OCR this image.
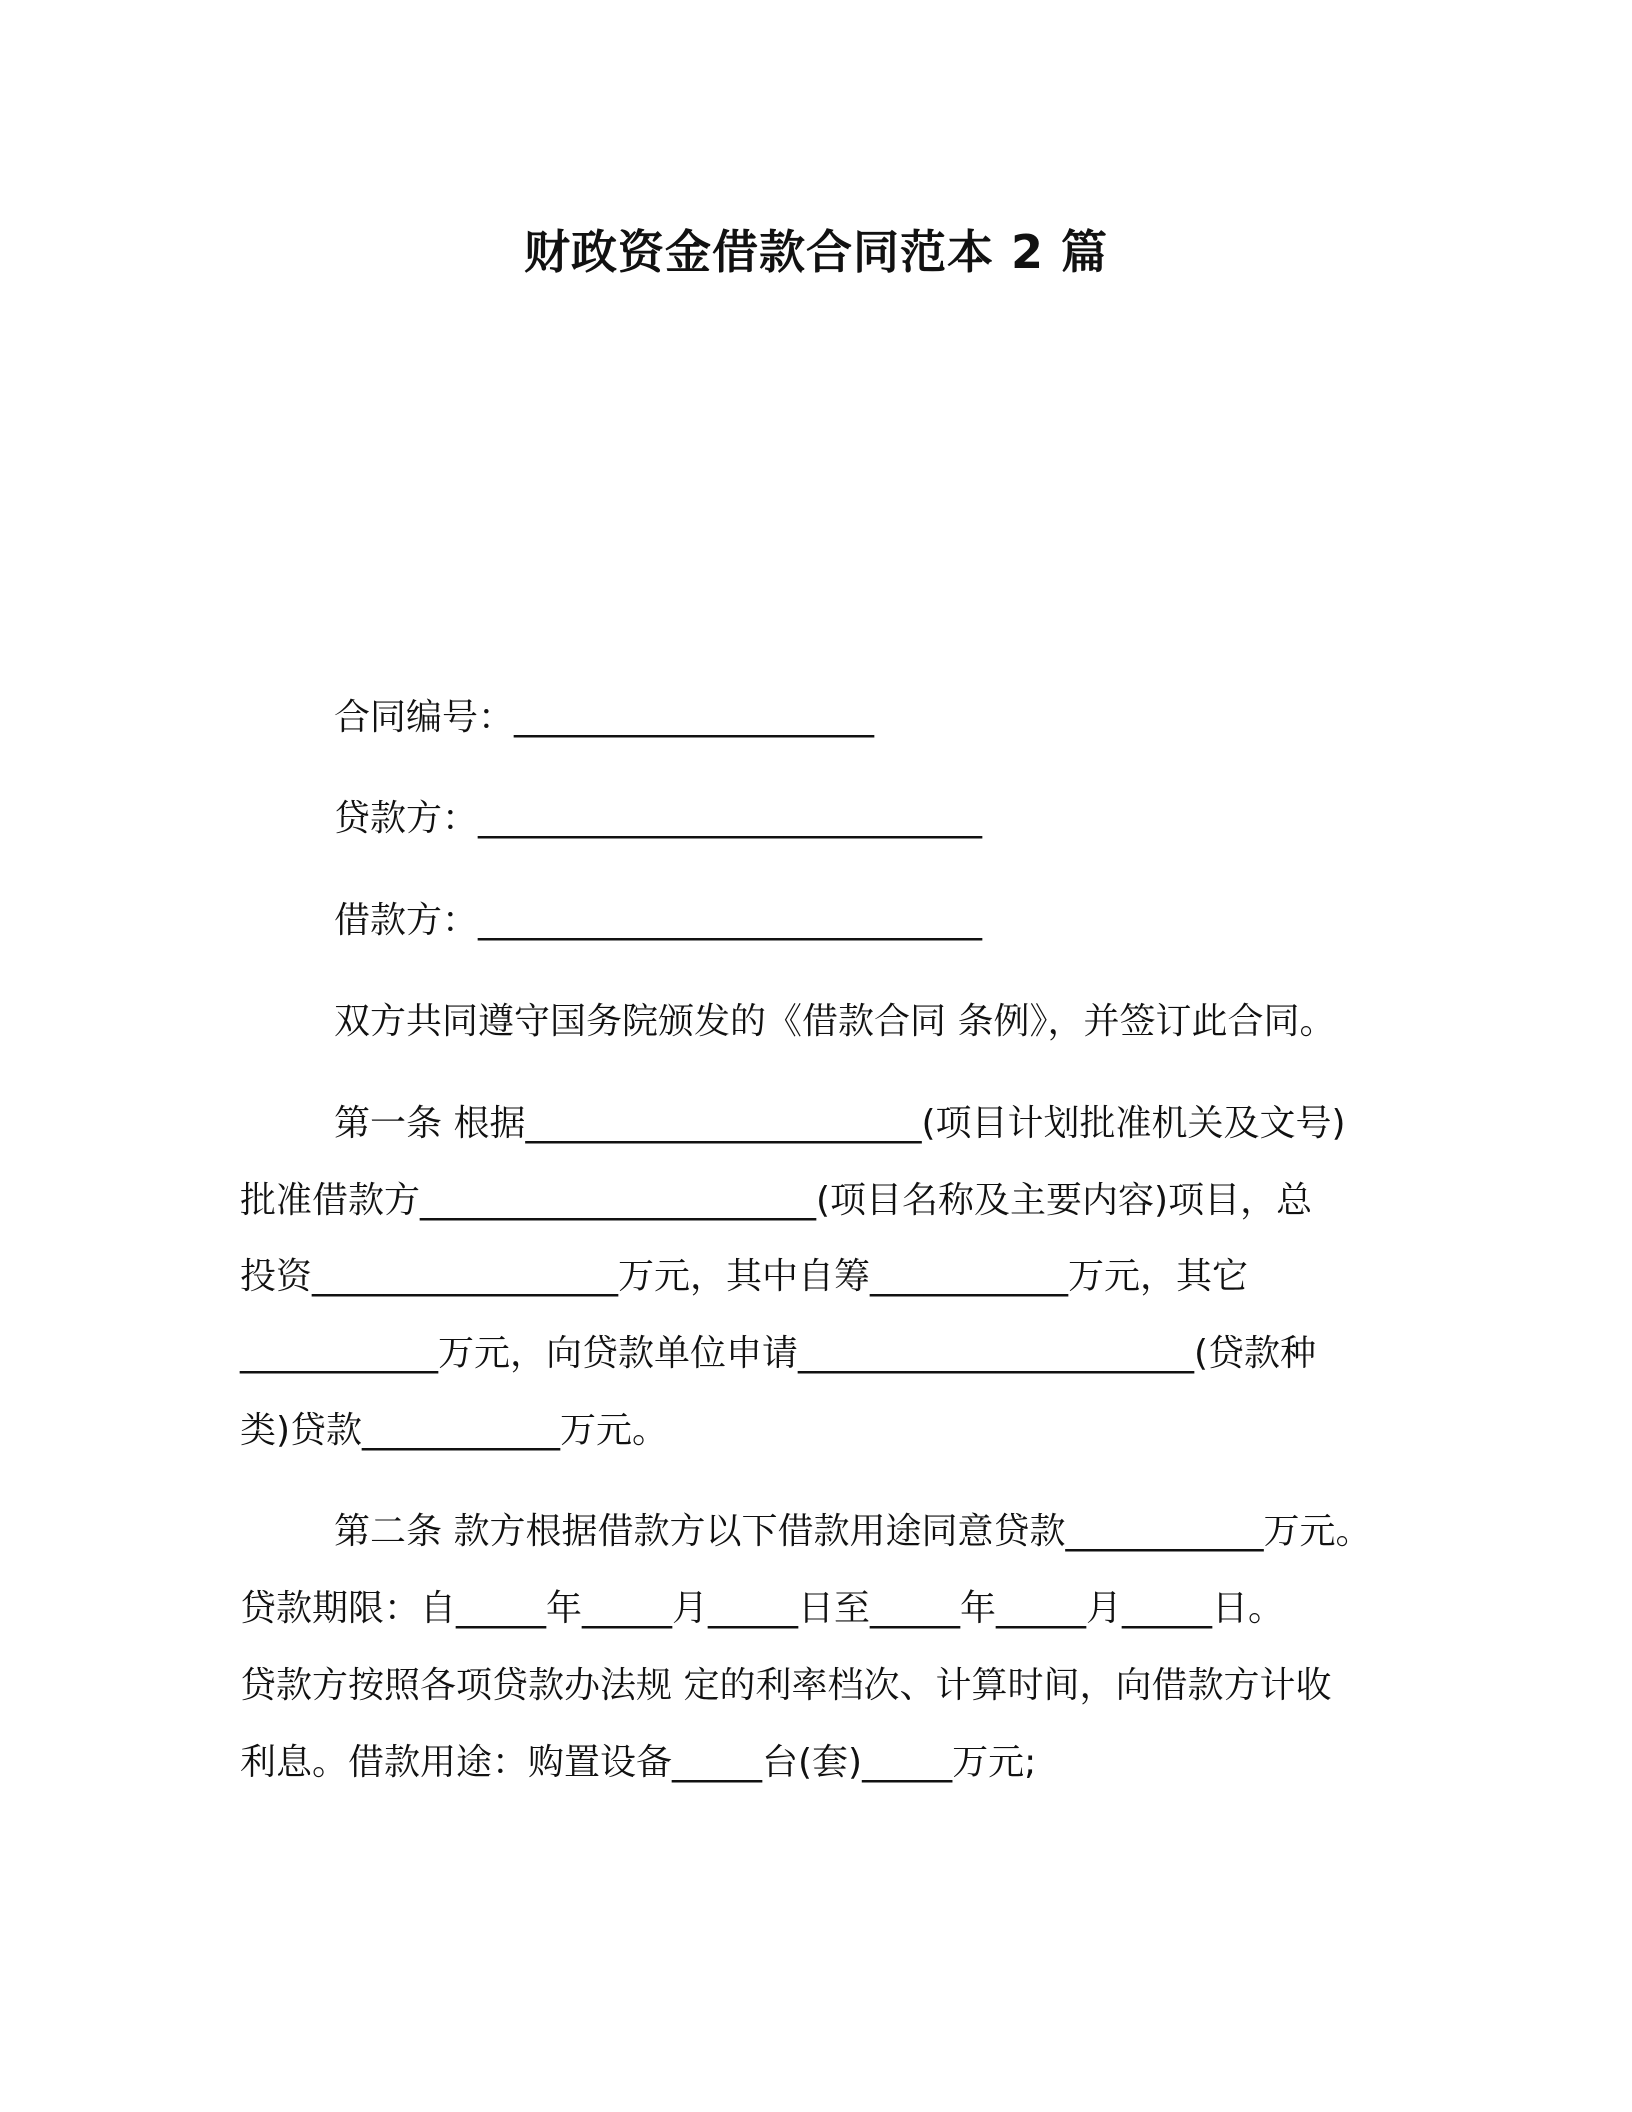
财政资金借款合同范本 2 篇
合同编号：____________________
贷款方：____________________________
借款方：____________________________
双方共同遵守国务院颁发的《借款合同 条例》，并签订此合同。
第一条 根据______________________(项目计划批准机关及文号)
批准借款方______________________(项目名称及主要内容)项目，总
投资_________________万元，其中自筹___________万元，其它
___________万元，向贷款单位申请______________________(贷款种
类)贷款___________万元。
第二条 款方根据借款方以下借款用途同意贷款___________万元。
贷款期限：自_____年_____月_____日至_____年_____月_____日。
贷款方按照各项贷款办法规 定的利率档次、计算时间，向借款方计收
利息。借款用途：购置设备_____台(套)_____万元;
